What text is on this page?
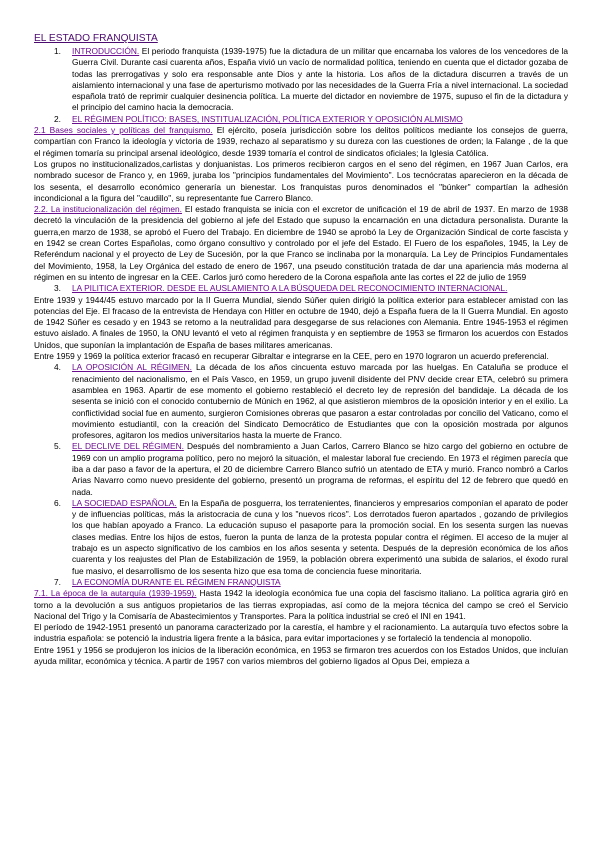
EL ESTADO FRANQUISTA
1.	INTRODUCCIÓN. El periodo franquista (1939-1975) fue la dictadura de un militar que encarnaba los valores de los vencedores de la Guerra Civil. Durante casi cuarenta años, España vivió un vacío de normalidad política, teniendo en cuenta que el dictador gozaba de todas las prerrogativas y solo era responsable ante Dios y ante la historia. Los años de la dictadura discurren a través de un aislamiento internacional y una fase de aperturismo motivado por las necesidades de la Guerra Fría a nivel internacional. La sociedad española trató de reprimir cualquier desinencia política. La muerte del dictador en noviembre de 1975, supuso el fin de la dictadura y el principio del camino hacia la democracia.
2. EL RÉGIMEN POLÍTICO: BASES, INSTITUALIZACIÓN, POLÍTICA EXTERIOR Y OPOSICIÓN ALMISMO
2.1 Bases sociales y políticas del franquismo. El ejército, poseía jurisdicción sobre los delitos políticos mediante los consejos de guerra, compartían con Franco la ideología y victoria de 1939, rechazo al separatismo y su dureza con las cuestiones de orden; la Falange , de la que el régimen tomaría su principal arsenal ideológico, desde 1939 tomaría el control de sindicatos oficiales; la Iglesia Católica.
Los grupos no institucionalizados,carlistas y donjuanistas. Los primeros recibieron cargos en el seno del régimen, en 1967 Juan Carlos, era nombrado sucesor de Franco y, en 1969, juraba los "principios fundamentales del Movimiento". Los tecnócratas aparecieron en la década de los sesenta, el desarrollo económico generaría un bienestar. Los franquistas puros denominados el "búnker" compartían la adhesión incondicional a la figura del "caudillo", su representante fue Carrero Blanco.
2.2. La institucionalización del régimen. El estado franquista se inicia con el excretor de unificación el 19 de abril de 1937. En marzo de 1938 decretó la vinculación de la presidencia del gobierno al jefe del Estado que supuso la encarnación en una dictadura personalista. Durante la guerra,en marzo de 1938, se aprobó el Fuero del Trabajo. En diciembre de 1940 se aprobó la Ley de Organización Sindical de corte fascista y en 1942 se crean Cortes Españolas, como órgano consultivo y controlado por el jefe del Estado. El Fuero de los españoles, 1945, la Ley de Referéndum nacional y el proyecto de Ley de Sucesión, por la que Franco se inclinaba por la monarquía. La Ley de Principios Fundamentales del Movimiento, 1958, la Ley Orgánica del estado de enero de 1967, una pseudo constitución tratada de dar una apariencia más moderna al régimen en su intento de ingresar en la CEE. Carlos juró como heredero de la Corona española ante las cortes el 22 de julio de 1959
3. LA PILITICA EXTERIOR. DESDE EL AUSLAMIENTO A LA BÚSQUEDA DEL RECONOCIMIENTO INTERNACIONAL.
Entre 1939 y 1944/45 estuvo marcado por la II Guerra Mundial, siendo Súñer quien dirigió la política exterior para establecer amistad con las potencias del Eje. El fracaso de la entrevista de Hendaya con Hitler en octubre de 1940, dejó a España fuera de la II Guerra Mundial. En agosto de 1942 Súñer es cesado y en 1943 se retomo a la neutralidad para desgegarse de sus relaciones con Alemania. Entre 1945-1953 el régimen estuvo aislado. A finales de 1950, la ONU levantó el veto al régimen franquista y en septiembre de 1953 se firmaron los acuerdos con Estados Unidos, que suponían la implantación de España de bases militares americanas.
Entre 1959 y 1969 la política exterior fracasó en recuperar Gibraltar e integrarse en la CEE, pero en 1970 lograron un acuerdo preferencial.
4.	LA OPOSICIÓN AL RÉGIMEN. La década de los años cincuenta estuvo marcada por las huelgas. En Cataluña se produce el renacimiento del nacionalismo, en el País Vasco, en 1959, un grupo juvenil disidente del PNV decide crear ETA, celebró su primera asamblea en 1963. Apartir de ese momento el gobierno restableció el decreto ley de represión del bandidaje. La década de los sesenta se inició con el conocido contubernio de Múnich en 1962, al que asistieron miembros de la oposición interior y en el exilio. La conflictividad social fue en aumento, surgieron Comisiones obreras que pasaron a estar controladas por concilio del Vaticano, como el movimiento estudiantil, con la creación del Sindicato Democrático de Estudiantes que con la oposición mostrada por algunos profesores, agitaron los medios universitarios hasta la muerte de Franco.
5.	EL DECLIVE DEL RÉGIMEN. Después del nombramiento a Juan Carlos, Carrero Blanco se hizo cargo del gobierno en octubre de 1969 con un amplio programa político, pero no mejoró la situación, el malestar laboral fue creciendo. En 1973 el régimen parecía que iba a dar paso a favor de la apertura, el 20 de diciembre Carrero Blanco sufrió un atentado de ETA y murió. Franco nombró a Carlos Arias Navarro como nuevo presidente del gobierno, presentó un programa de reformas, el espíritu del 12 de febrero que quedó en nada.
6.	LA SOCIEDAD ESPAÑOLA. En la España de posguerra, los terratenientes, financieros y empresarios componían el aparato de poder y de influencias políticas, más la aristocracia de cuna y los "nuevos ricos". Los derrotados fueron apartados , gozando de privilegios los que habían apoyado a Franco. La educación supuso el pasaporte para la promoción social. En los sesenta surgen las nuevas clases medias. Entre los hijos de estos, fueron la punta de lanza de la protesta popular contra el régimen. El acceso de la mujer al trabajo es un aspecto significativo de los cambios en los años sesenta y setenta. Después de la depresión económica de los años cuarenta y los reajustes del Plan de Estabilización de 1959, la población obrera experimentó una subida de salarios, el éxodo rural fue masivo, el desarrollismo de los sesenta hizo que esa toma de conciencia fuese minoritaria.
7. LA ECONOMÍA DURANTE EL RÉGIMEN FRANQUISTA
7.1. La época de la autarquía (1939-1959). Hasta 1942 la ideología económica fue una copia del fascismo italiano. La política agraria giró en torno a la devolución a sus antiguos propietarios de las tierras expropiadas, así como de la mejora técnica del campo se creó el Servicio Nacional del Trigo y la Comisaría de Abastecimientos y Transportes. Para la política industrial se creó el INI en 1941.
El período de 1942-1951 presentó un panorama caracterizado por la carestía, el hambre y el racionamiento. La autarquía tuvo efectos sobre la industria española: se potenció la industria ligera frente a la básica, para evitar importaciones y se fortaleció la tendencia al monopolio.
Entre 1951 y 1956 se produjeron los inicios de la liberación económica, en 1953 se firmaron tres acuerdos con los Estados Unidos, que incluían ayuda militar, económica y técnica. A partir de 1957 con varios miembros del gobierno ligados al Opus Dei, empieza a
